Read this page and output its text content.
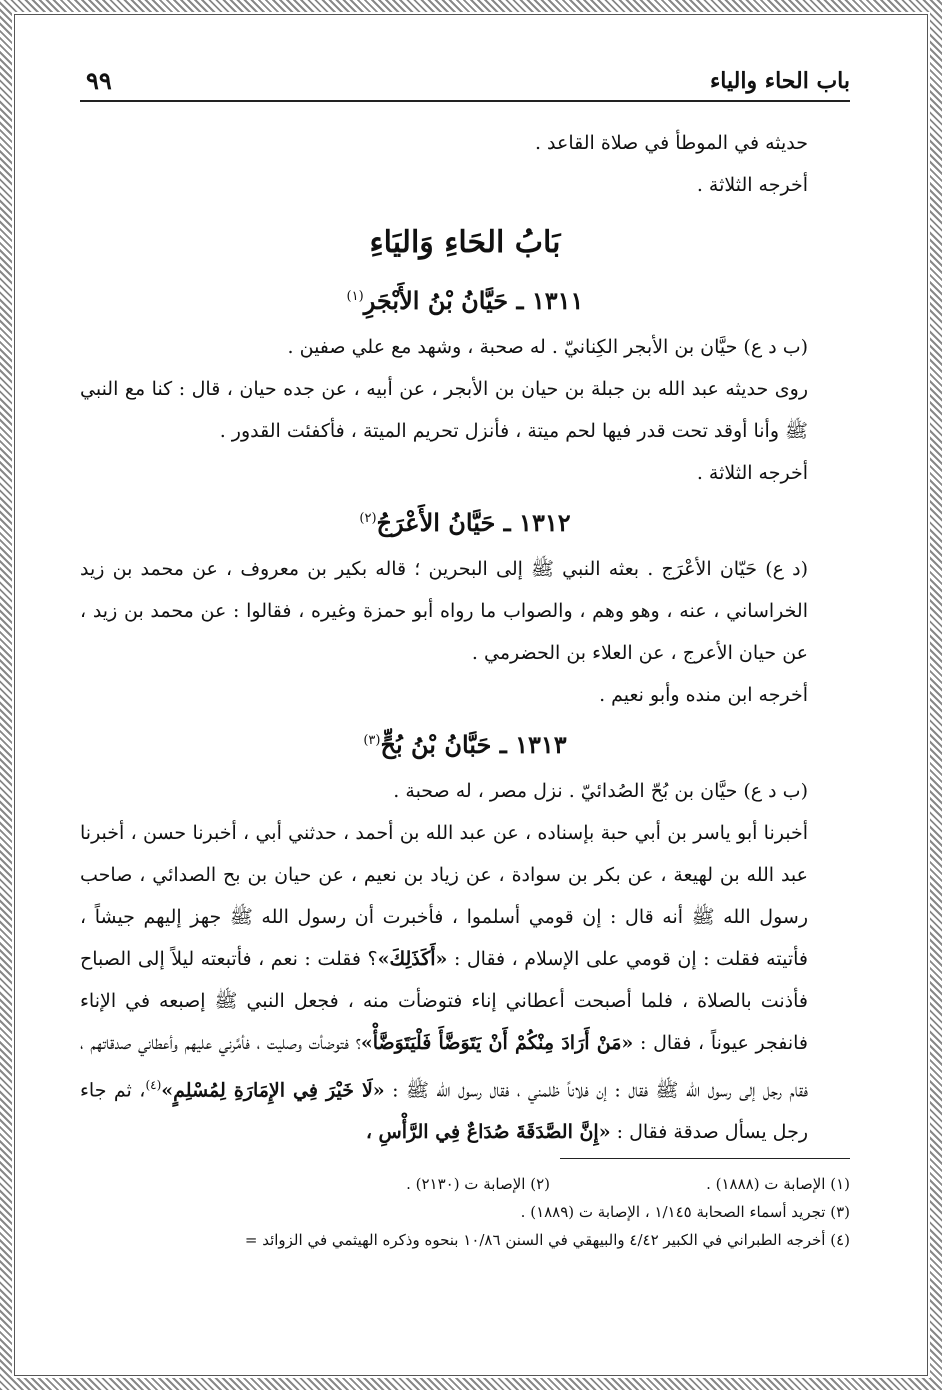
باب الحاء والياء
٩٩

حديثه في الموطأ في صلاة القاعد .

أخرجه الثلاثة .

بَابُ الحَاءِ وَاليَاءِ
١٣١١ ـ حَيَّانُ بْنُ الأَبْجَرِ$^{(١)}$

(ب د ع) حيَّان بن الأبجر الكِنانيّ . له صحبة ، وشهد مع علي صفين .

روى حديثه عبد الله بن جبلة بن حيان بن الأبجر ، عن أبيه ، عن جده حيان ، قال : كنا مع النبي ﷺ وأنا أوقد تحت قدر فيها لحم ميتة ، فأنزل تحريم الميتة ، فأكفئت القدور .

أخرجه الثلاثة .

١٣١٢ ـ حَيَّانُ الأَعْرَجُ$^{(٢)}$

(د ع) حَيّان الأعْرَج . بعثه النبي ﷺ إلى البحرين ؛ قاله بكير بن معروف ، عن محمد بن زيد الخراساني ، عنه ، وهو وهم ، والصواب ما رواه أبو حمزة وغيره ، فقالوا : عن محمد بن زيد ، عن حيان الأعرج ، عن العلاء بن الحضرمي .

أخرجه ابن منده وأبو نعيم .

١٣١٣ ـ حَبَّانُ بْنُ بُحٍّ$^{(٣)}$

(ب د ع) حيَّان بن بُحّ الصُدائيّ . نزل مصر ، له صحبة .

أخبرنا أبو ياسر بن أبي حبة بإسناده ، عن عبد الله بن أحمد ، حدثني أبي ، أخبرنا حسن ، أخبرنا عبد الله بن لهيعة ، عن بكر بن سوادة ، عن زياد بن نعيم ، عن حيان بن بح الصدائي ، صاحب رسول الله ﷺ أنه قال : إن قومي أسلموا ، فأخبرت أن رسول الله ﷺ جهز إليهم جيشاً ، فأتيته فقلت : إن قومي على الإسلام ، فقال : «أَكَذَلِكَ»؟ فقلت : نعم ، فأتبعته ليلاً إلى الصباح فأذنت بالصلاة ، فلما أصبحت أعطاني إناء فتوضأت منه ، فجعل النبي ﷺ إصبعه في الإناء فانفجر عيوناً ، فقال : «مَنْ أَرَادَ مِنْكُمْ أَنْ يَتَوَضَّأَ فَلْيَتَوَضَّأْ»؟ فتوضأت وصليت ، فأمَّرني عليهم وأعطاني صدقاتهم ، فقام رجل إلى رسول الله ﷺ فقال : إن فلاناً ظلمني ، فقال رسول الله ﷺ : «لَا خَيْرَ فِي الإِمَارَةِ لِمُسْلِمٍ»$^{(٤)}$، ثم جاء رجل يسأل صدقة فقال : «إِنَّ الصَّدَقَةَ صُدَاعٌ فِي الرَّأْسِ ،

(١) الإصابة ت (١٨٨٨) .
(٢) الإصابة ت (٢١٣٠) .
(٣) تجريد أسماء الصحابة ١/١٤٥ ، الإصابة ت (١٨٨٩) .
(٤) أخرجه الطبراني في الكبير ٤/٤٢ والبيهقي في السنن ١٠/٨٦ بنحوه وذكره الهيثمي في الزوائد =
